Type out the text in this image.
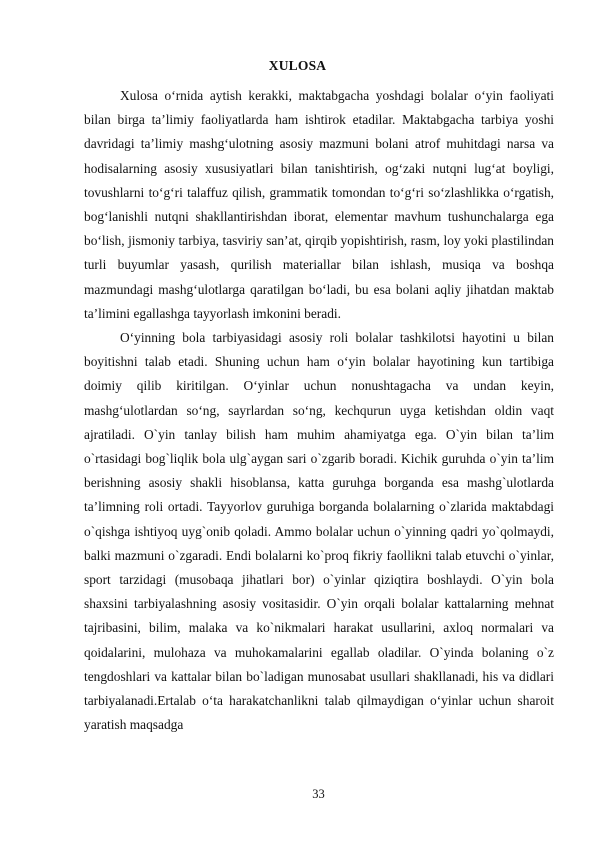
XULOSA

Xulosa o‘rnida aytish kerakki, maktabgacha yoshdagi bolalar o‘yin faoliyati bilan birga ta’limiy faoliyatlarda ham ishtirok etadilar. Maktabgacha tarbiya yoshi davridagi ta’limiy mashg‘ulotning asosiy mazmuni bolani atrof muhitdagi narsa va hodisalarning asosiy xususiyatlari bilan tanishtirish, og‘zaki nutqni lug‘at boyligi, tovushlarni to‘g‘ri talaffuz qilish, grammatik tomondan to‘g‘ri so‘zlashlikka o‘rgatish, bog‘lanishli nutqni shakllantirishdan iborat, elementar mavhum tushunchalarga ega bo‘lish, jismoniy tarbiya, tasviriy san’at, qirqib yopishtirish, rasm, loy yoki plastilindan turli buyumlar yasash, qurilish materiallar bilan ishlash, musiqa va boshqa mazmundagi mashg‘ulotlarga qaratilgan bo‘ladi, bu esa bolani aqliy jihatdan maktab ta’limini egallashga tayyorlash imkonini beradi.

O‘yinning bola tarbiyasidagi asosiy roli bolalar tashkilotsi hayotini u bilan boyitishni talab etadi. Shuning uchun ham o‘yin bolalar hayotining kun tartibiga doimiy qilib kiritilgan. O‘yinlar uchun nonushtagacha va undan keyin, mashg‘ulotlardan so‘ng, sayrlardan so‘ng, kechqurun uyga ketishdan oldin vaqt ajratiladi. O`yin tanlay bilish ham muhim ahamiyatga ega. O`yin bilan ta’lim o`rtasidagi bog`liqlik bola ulg`aygan sari o`zgarib boradi. Kichik guruhda o`yin ta’lim berishning asosiy shakli hisoblansa, katta guruhga borganda esa mashg`ulotlarda ta’limning roli ortadi. Tayyorlov guruhiga borganda bolalarning o`zlarida maktabdagi o`qishga ishtiyoq uyg`onib qoladi. Ammo bolalar uchun o`yinning qadri yo`qolmaydi, balki mazmuni o`zgaradi. Endi bolalarni ko`proq fikriy faollikni talab etuvchi o`yinlar, sport tarzidagi (musobaqa jihatlari bor) o`yinlar qiziqtira boshlaydi. O`yin bola shaxsini tarbiyalashning asosiy vositasidir. O`yin orqali bolalar kattalarning mehnat tajribasini, bilim, malaka va ko`nikmalari harakat usullarini, axloq normalari va qoidalarini, mulohaza va muhokamalarini egallab oladilar. O`yinda bolaning o`z tengdoshlari va kattalar bilan bo`ladigan munosabat usullari shakllanadi, his va didlari tarbiyalanadi.Ertalab o‘ta harakatchanlikni talab qilmaydigan o‘yinlar uchun sharoit yaratish maqsadga

33
